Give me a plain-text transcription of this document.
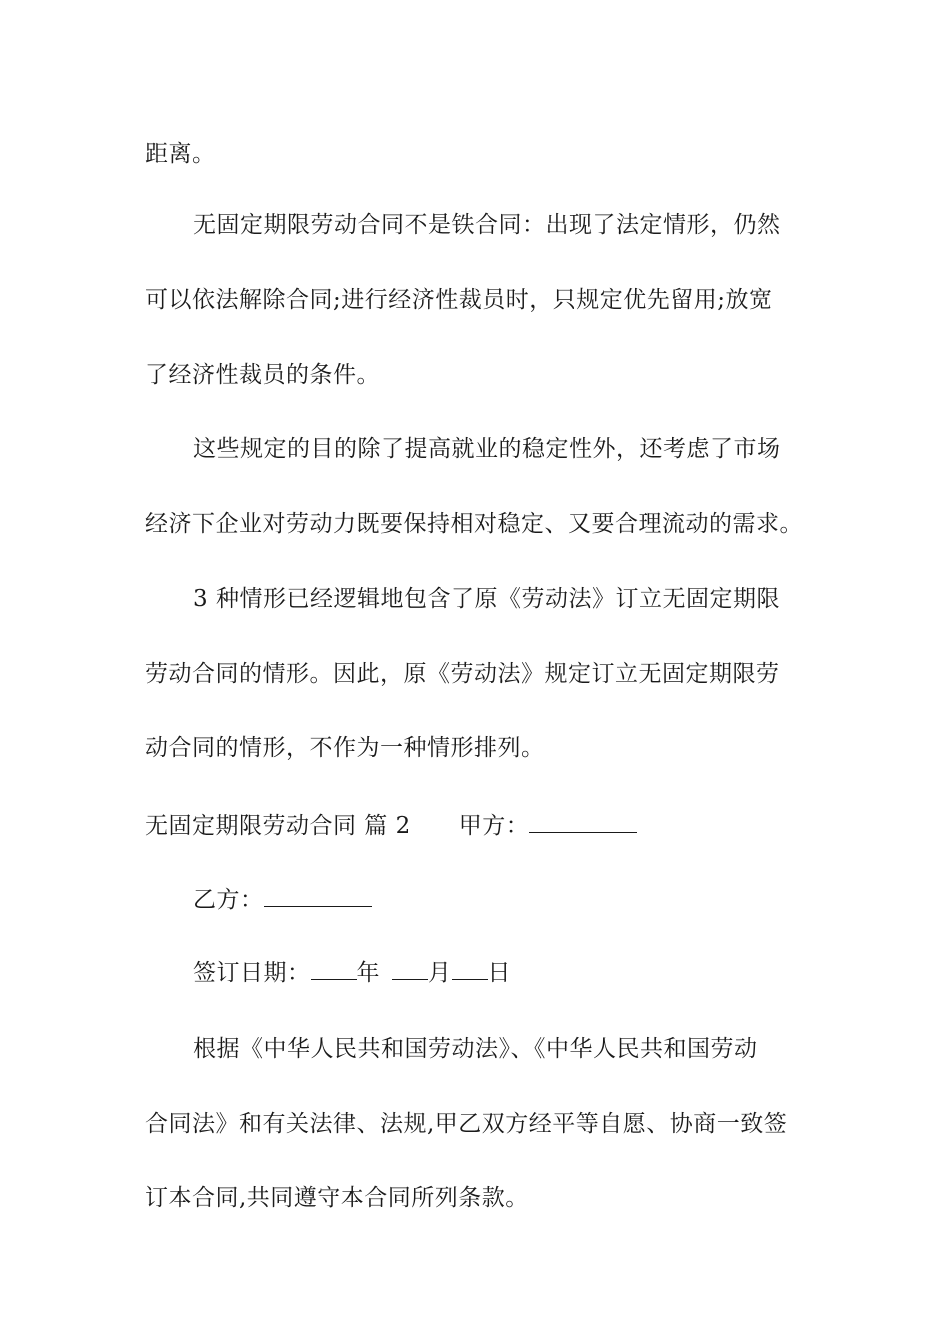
距离。
无固定期限劳动合同不是铁合同：出现了法定情形，仍然
可以依法解除合同;进行经济性裁员时，只规定优先留用;放宽
了经济性裁员的条件。
这些规定的目的除了提高就业的稳定性外，还考虑了市场
经济下企业对劳动力既要保持相对稳定、又要合理流动的需求。
3 种情形已经逻辑地包含了原《劳动法》订立无固定期限
劳动合同的情形。因此，原《劳动法》规定订立无固定期限劳
动合同的情形，不作为一种情形排列。
无固定期限劳动合同 篇 2 甲方：
乙方：
签订日期： 年 月 日
根据《中华人民共和国劳动法》、《中华人民共和国劳动
合同法》和有关法律、法规,甲乙双方经平等自愿、协商一致签
订本合同,共同遵守本合同所列条款。
